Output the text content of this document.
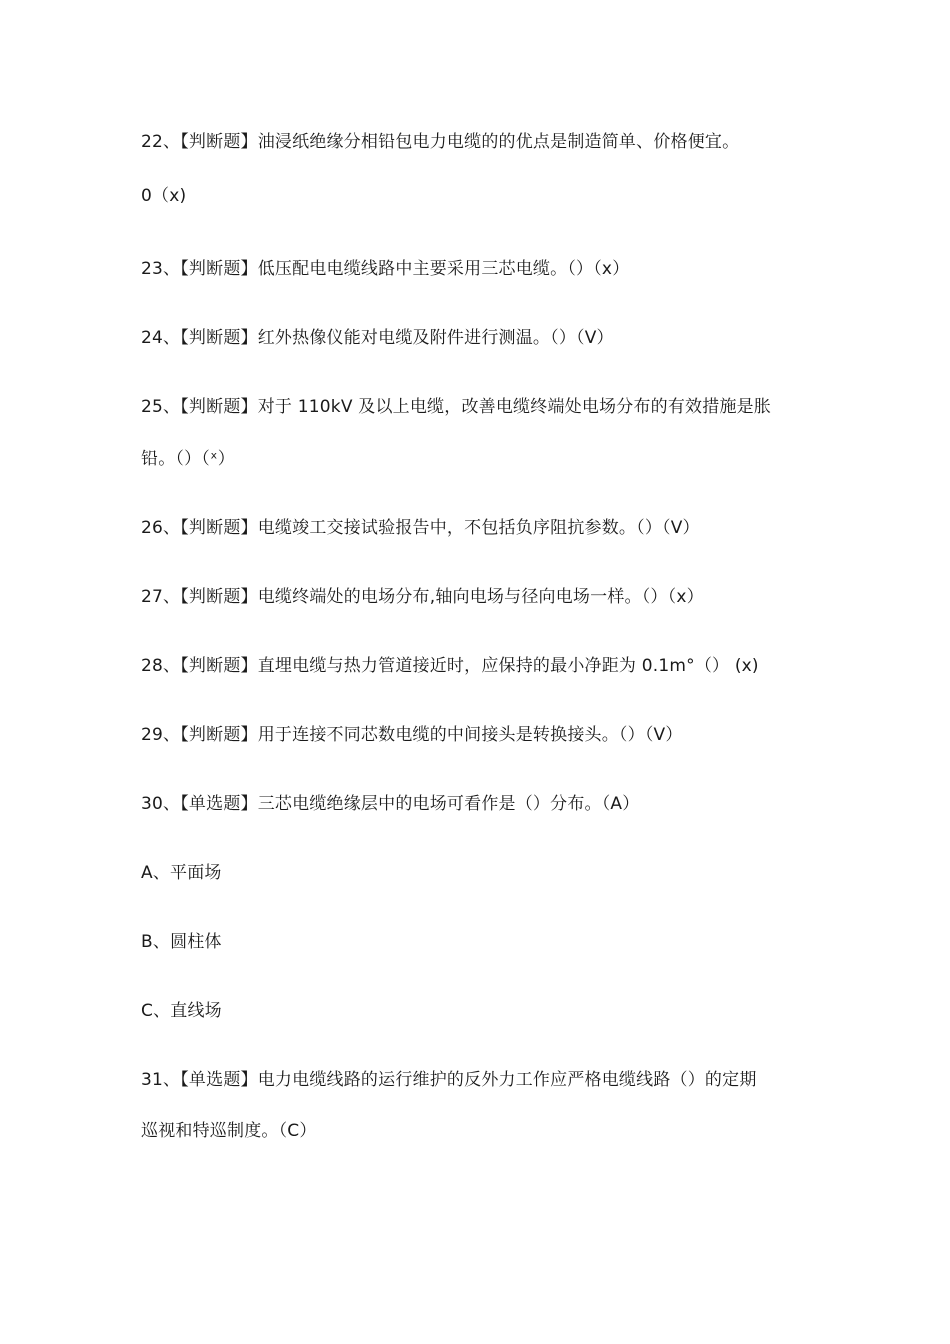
22、【判断题】油浸纸绝缘分相铅包电力电缆的的优点是制造简单、价格便宜。
0（x)
23、【判断题】低压配电电缆线路中主要采用三芯电缆。（）（x）
24、【判断题】红外热像仪能对电缆及附件进行测温。（）（V）
25、【判断题】对于 110kV 及以上电缆，改善电缆终端处电场分布的有效措施是胀
铅。（）（ˣ）
26、【判断题】电缆竣工交接试验报告中，不包括负序阻抗参数。（）（V）
27、【判断题】电缆终端处的电场分布,轴向电场与径向电场一样。（）（x）
28、【判断题】直埋电缆与热力管道接近时，应保持的最小净距为 0.1m°（） (x)
29、【判断题】用于连接不同芯数电缆的中间接头是转换接头。（）（V）
30、【单选题】三芯电缆绝缘层中的电场可看作是（）分布。（A）
A、平面场
B、圆柱体
C、直线场
31、【单选题】电力电缆线路的运行维护的反外力工作应严格电缆线路（）的定期
巡视和特巡制度。（C）
